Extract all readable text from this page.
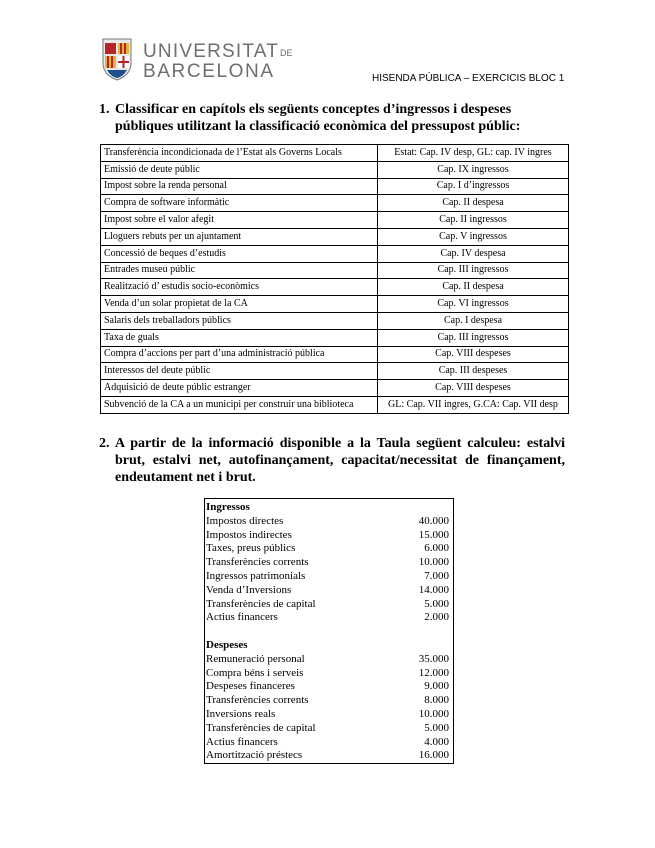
UNIVERSITATDE
BARCELONA	HISENDA PÚBLICA – EXERCICIS BLOC 1
1. Classificar en capítols els següents conceptes d’ingressos i despeses públiques utilitzant la classificació econòmica del pressupost públic:
Transferència incondicionada de l’Estat als Governs Locals	Estat: Cap. IV desp, GL: cap. IV ingres
Emissió de deute públic	Cap. IX ingressos
Impost sobre la renda personal	Cap. I d’ingressos
Compra de software informàtic	Cap. II despesa
Impost sobre el valor afegit	Cap. II ingressos
Lloguers rebuts per un ajuntament	Cap. V ingressos
Concessió de beques d’estudis	Cap. IV despesa
Entrades museu públic	Cap. III ingressos
Realització d’ estudis socio-econòmics	Cap. II despesa
Venda d’un solar propietat de la CA	Cap. VI ingressos
Salaris dels treballadors públics	Cap. I despesa
Taxa de guals	Cap. III ingressos
Compra d’accions per part d’una administració pública	Cap. VIII despeses
Interessos del deute públic	Cap. III despeses
Adquisició de deute públic estranger	Cap. VIII despeses
Subvenció de la CA a un municipi per construir una biblioteca	GL: Cap. VII ingres, G.CA: Cap. VII desp
2. A partir de la informació disponible a la Taula següent calculeu: estalvi brut, estalvi net, autofinançament, capacitat/necessitat de finançament, endeutament net i brut.
Ingressos
Impostos directes	40.000
Impostos indirectes	15.000
Taxes, preus públics	6.000
Transferències corrents	10.000
Ingressos patrimonials	7.000
Venda d’Inversions	14.000
Transferències de capital	5.000
Actius financers	2.000
Despeses
Remuneració personal	35.000
Compra béns i serveis	12.000
Despeses financeres	9.000
Transferències corrents	8.000
Inversions reals	10.000
Transferències de capital	5.000
Actius financers	4.000
Amortització préstecs	16.000
